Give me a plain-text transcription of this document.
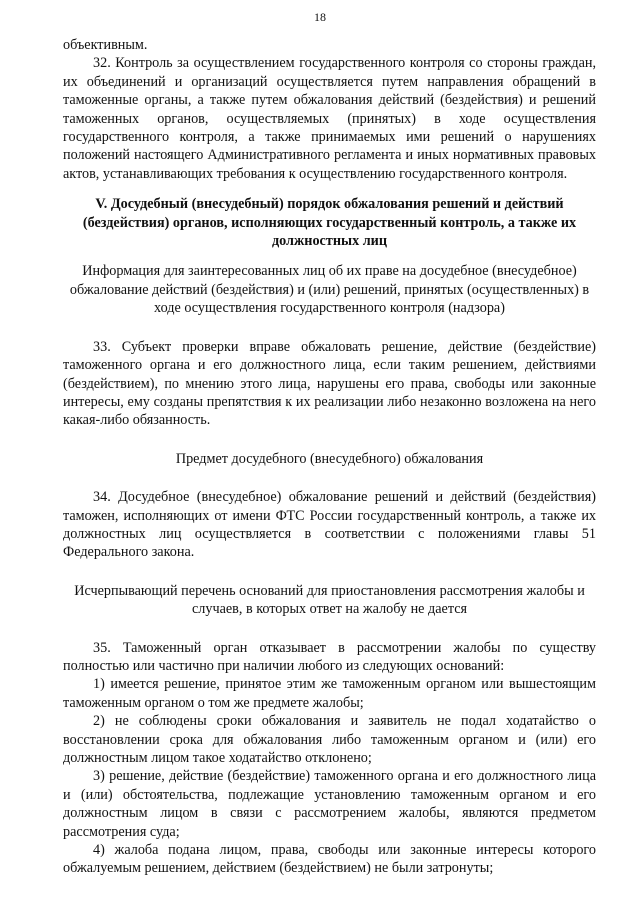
18

объективным.

32. Контроль за осуществлением государственного контроля со стороны граждан, их объединений и организаций осуществляется путем направления обращений в таможенные органы, а также путем обжалования действий (бездействия) и решений таможенных органов, осуществляемых (принятых) в ходе осуществления государственного контроля, а также принимаемых ими решений о нарушениях положений настоящего Административного регламента и иных нормативных правовых актов, устанавливающих требования к осуществлению государственного контроля.

V. Досудебный (внесудебный) порядок обжалования решений и действий (бездействия) органов, исполняющих государственный контроль, а также их должностных лиц

Информация для заинтересованных лиц об их праве на досудебное (внесудебное) обжалование действий (бездействия) и (или) решений, принятых (осуществленных) в ходе осуществления государственного контроля (надзора)

33. Субъект проверки вправе обжаловать решение, действие (бездействие) таможенного органа и его должностного лица, если таким решением, действиями (бездействием), по мнению этого лица, нарушены его права, свободы или законные интересы, ему созданы препятствия к их реализации либо незаконно возложена на него какая-либо обязанность.

Предмет досудебного (внесудебного) обжалования

34. Досудебное (внесудебное) обжалование решений и действий (бездействия) таможен, исполняющих от имени ФТС России государственный контроль, а также их должностных лиц осуществляется в соответствии с положениями главы 51 Федерального закона.

Исчерпывающий перечень оснований для приостановления рассмотрения жалобы и случаев, в которых ответ на жалобу не дается

35. Таможенный орган отказывает в рассмотрении жалобы по существу полностью или частично при наличии любого из следующих оснований:

1) имеется решение, принятое этим же таможенным органом или вышестоящим таможенным органом о том же предмете жалобы;

2) не соблюдены сроки обжалования и заявитель не подал ходатайство о восстановлении срока для обжалования либо таможенным органом и (или) его должностным лицом такое ходатайство отклонено;

3) решение, действие (бездействие) таможенного органа и его должностного лица и (или) обстоятельства, подлежащие установлению таможенным органом и его должностным лицом в связи с рассмотрением жалобы, являются предметом рассмотрения суда;

4) жалоба подана лицом, права, свободы или законные интересы которого обжалуемым решением, действием (бездействием) не были затронуты;
